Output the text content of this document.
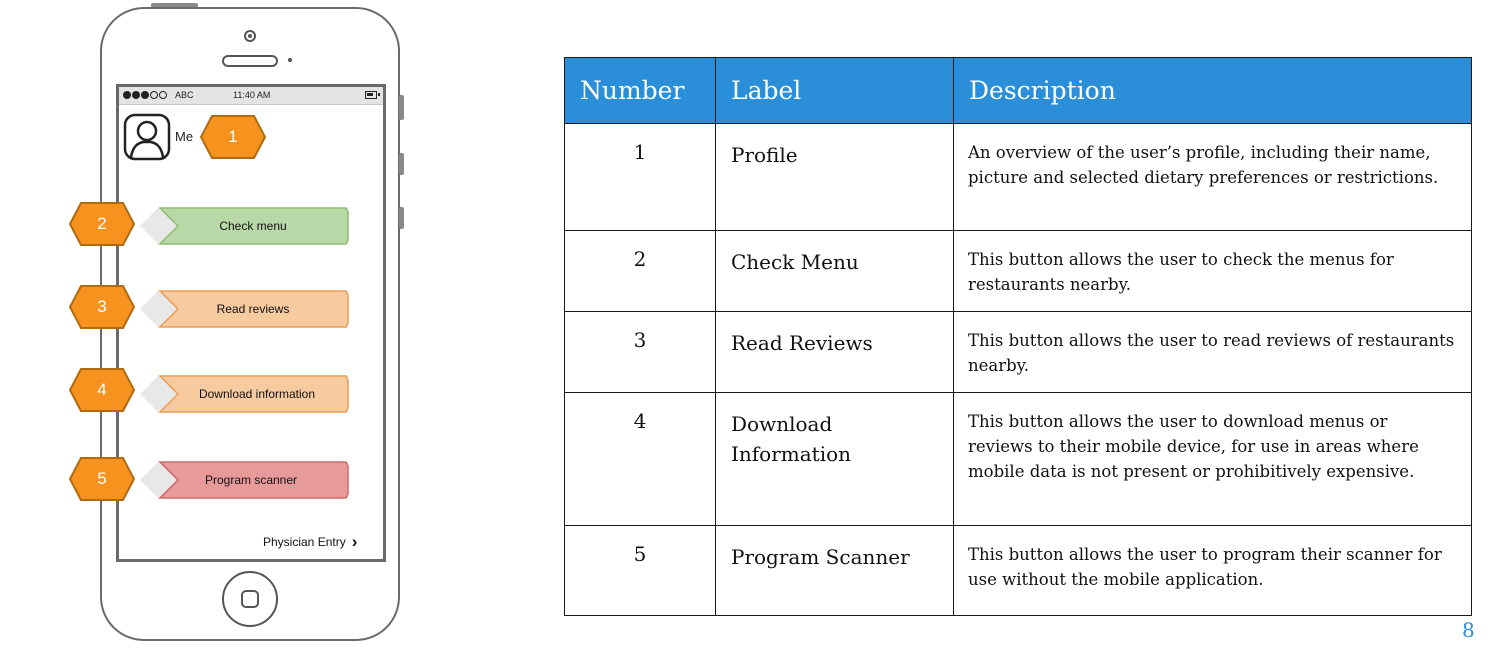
ABC	11:40 AM
Me
Physician Entry ›
Check menu
Read reviews
Download information
Program scanner
1
2
3
4
5
Number	Label	Description
1	Profile	An overview of the user’s profile, including their name, picture and selected dietary preferences or restrictions.
2	Check Menu	This button allows the user to check the menus for restaurants nearby.
3	Read Reviews	This button allows the user to read reviews of restaurants nearby.
4	Download Information	This button allows the user to download menus or reviews to their mobile device, for use in areas where mobile data is not present or prohibitively expensive.
5	Program Scanner	This button allows the user to program their scanner for use without the mobile application.
8
